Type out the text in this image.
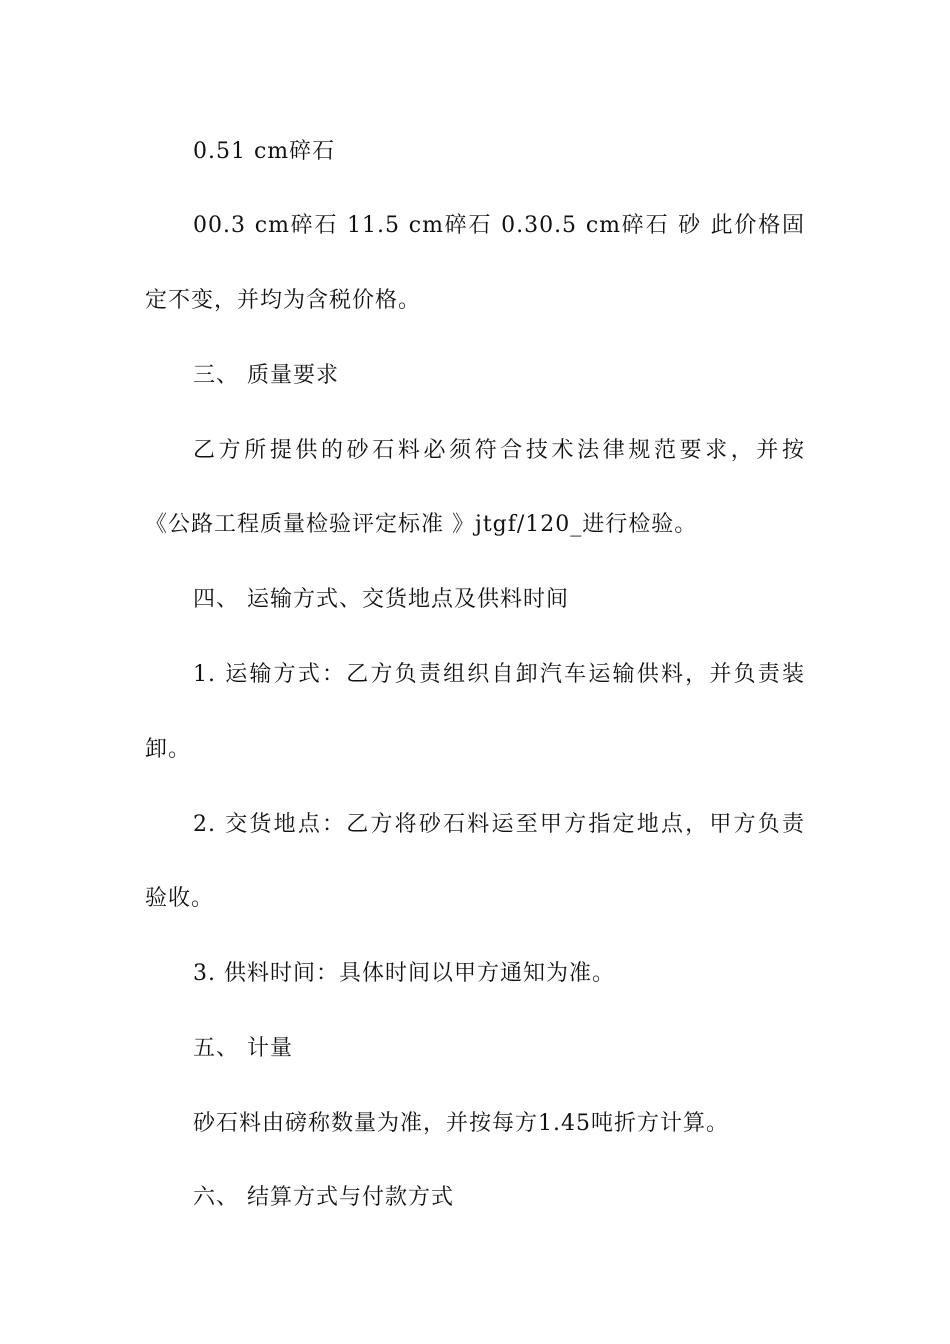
0.51 cm碎石
00.3 cm碎石 11.5 cm碎石 0.30.5 cm碎石 砂 此价格固
定不变，并均为含税价格。
三、 质量要求
乙方所提供的砂石料必须符合技术法律规范要求，并按
《公路工程质量检验评定标准 》jtgf/120_进行检验。
四、 运输方式、交货地点及供料时间
1. 运输方式：乙方负责组织自卸汽车运输供料，并负责装
卸。
2. 交货地点：乙方将砂石料运至甲方指定地点，甲方负责
验收。
3. 供料时间：具体时间以甲方通知为准。
五、 计量
砂石料由磅称数量为准，并按每方1.45吨折方计算。
六、 结算方式与付款方式
